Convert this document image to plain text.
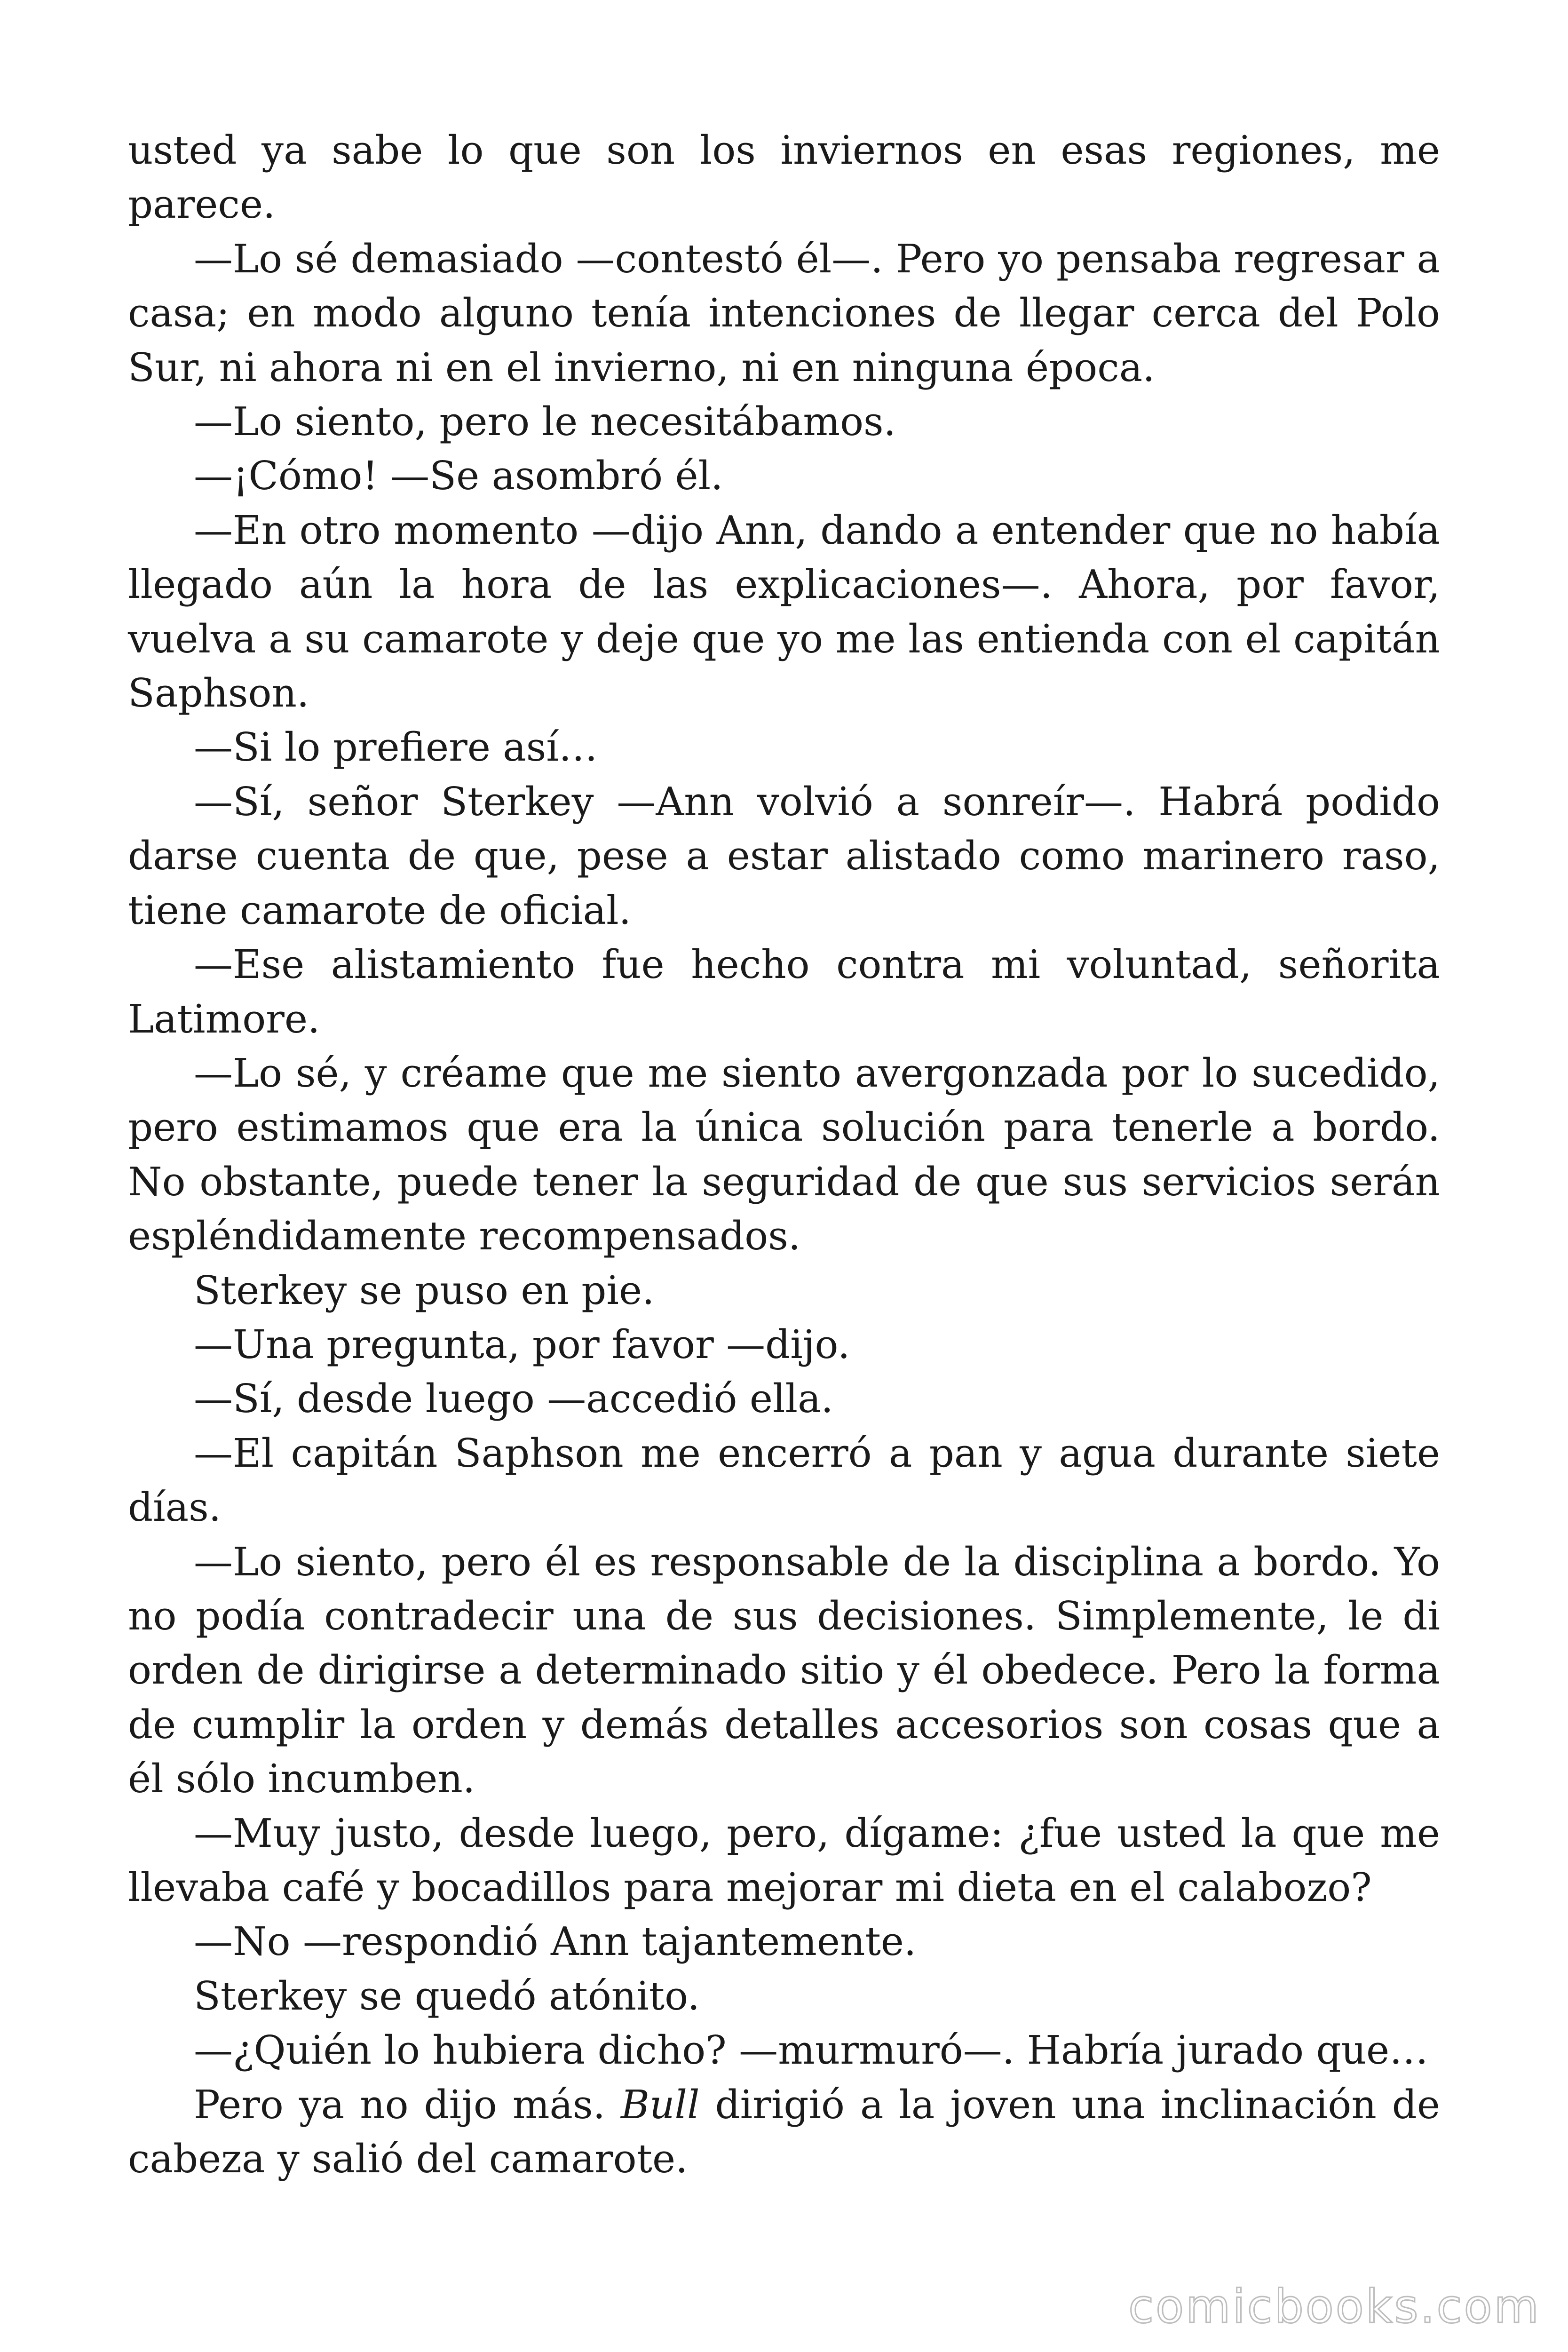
usted ya sabe lo que son los inviernos en esas regiones, me parece.

—Lo sé demasiado —contestó él—. Pero yo pensaba regresar a casa; en modo alguno tenía intenciones de llegar cerca del Polo Sur, ni ahora ni en el invierno, ni en ninguna época.

—Lo siento, pero le necesitábamos.

—¡Cómo! —Se asombró él.

—En otro momento —dijo Ann, dando a entender que no había llegado aún la hora de las explicaciones—. Ahora, por favor, vuelva a su camarote y deje que yo me las entienda con el capitán Saphson.

—Si lo prefiere así…

—Sí, señor Sterkey —Ann volvió a sonreír—. Habrá podido darse cuenta de que, pese a estar alistado como marinero raso, tiene camarote de oficial.

—Ese alistamiento fue hecho contra mi voluntad, señorita Latimore.

—Lo sé, y créame que me siento avergonzada por lo sucedido, pero estimamos que era la única solución para tenerle a bordo. No obstante, puede tener la seguridad de que sus servicios serán espléndidamente recompensados.

Sterkey se puso en pie.

—Una pregunta, por favor —dijo.

—Sí, desde luego —accedió ella.

—El capitán Saphson me encerró a pan y agua durante siete días.

—Lo siento, pero él es responsable de la disciplina a bordo. Yo no podía contradecir una de sus decisiones. Simplemente, le di orden de dirigirse a determinado sitio y él obedece. Pero la forma de cumplir la orden y demás detalles accesorios son cosas que a él sólo incumben.

—Muy justo, desde luego, pero, dígame: ¿fue usted la que me llevaba café y bocadillos para mejorar mi dieta en el calabozo?

—No —respondió Ann tajantemente.

Sterkey se quedó atónito.

—¿Quién lo hubiera dicho? —murmuró—. Habría jurado que…

Pero ya no dijo más. Bull dirigió a la joven una inclinación de cabeza y salió del camarote.

comicbooks.com
